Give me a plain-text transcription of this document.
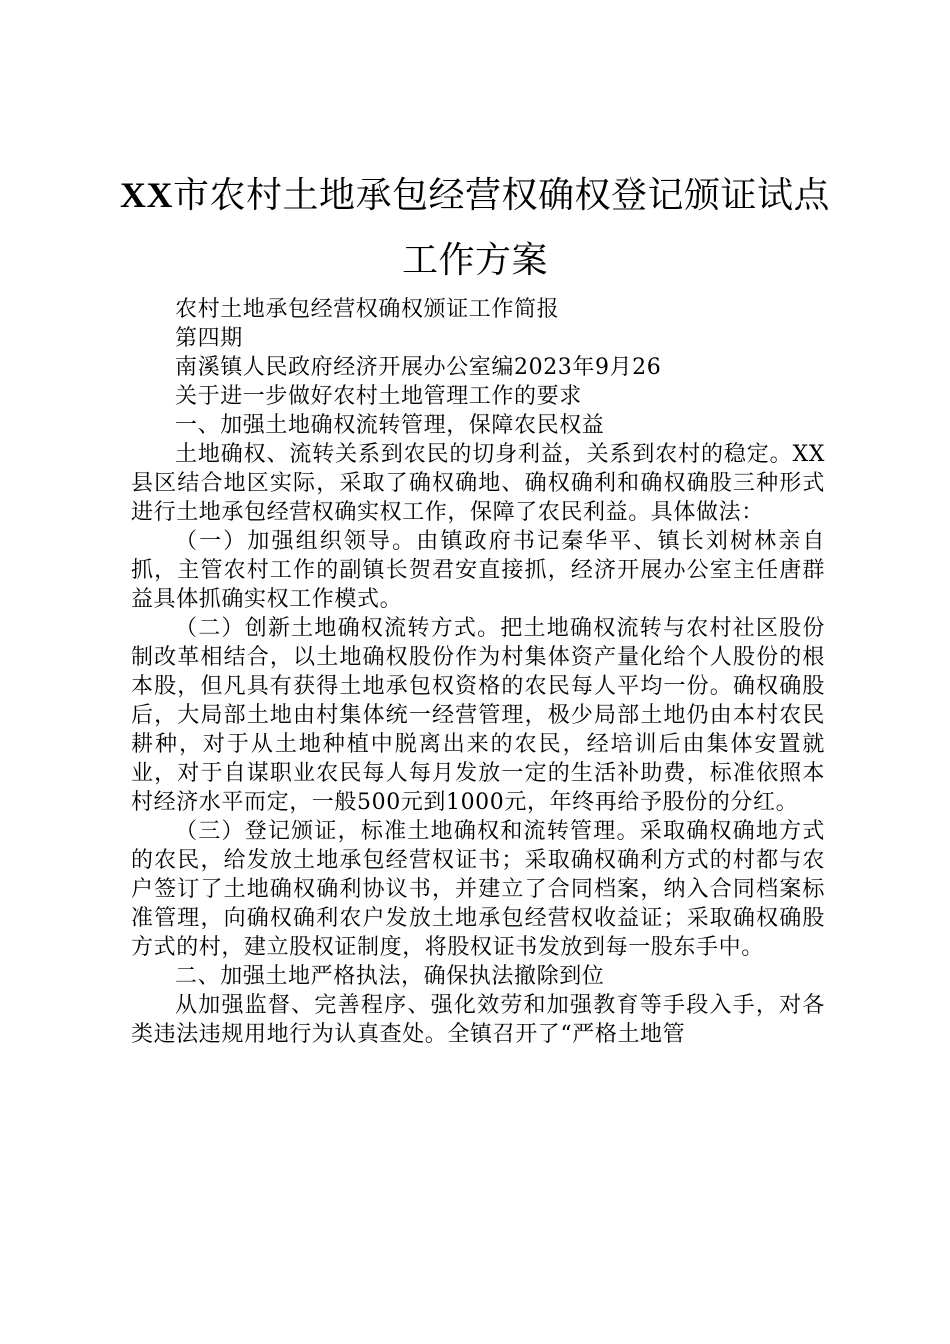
XX市农村土地承包经营权确权登记颁证试点
工作方案

农村土地承包经营权确权颁证工作简报

第四期

南溪镇人民政府经济开展办公室编2023年9月26

关于进一步做好农村土地管理工作的要求

一、加强土地确权流转管理，保障农民权益

土地确权、流转关系到农民的切身利益，关系到农村的稳定。XX县区结合地区实际，采取了确权确地、确权确利和确权确股三种形式进行土地承包经营权确实权工作，保障了农民利益。具体做法：

（一）加强组织领导。由镇政府书记秦华平、镇长刘树林亲自抓，主管农村工作的副镇长贺君安直接抓，经济开展办公室主任唐群益具体抓确实权工作模式。

（二）创新土地确权流转方式。把土地确权流转与农村社区股份制改革相结合，以土地确权股份作为村集体资产量化给个人股份的根本股，但凡具有获得土地承包权资格的农民每人平均一份。确权确股后，大局部土地由村集体统一经营管理，极少局部土地仍由本村农民耕种，对于从土地种植中脱离出来的农民，经培训后由集体安置就业，对于自谋职业农民每人每月发放一定的生活补助费，标准依照本村经济水平而定，一般500元到1000元，年终再给予股份的分红。

（三）登记颁证，标准土地确权和流转管理。采取确权确地方式的农民，给发放土地承包经营权证书；采取确权确利方式的村都与农户签订了土地确权确利协议书，并建立了合同档案，纳入合同档案标准管理，向确权确利农户发放土地承包经营权收益证；采取确权确股方式的村，建立股权证制度，将股权证书发放到每一股东手中。

二、加强土地严格执法，确保执法撤除到位

从加强监督、完善程序、强化效劳和加强教育等手段入手，对各类违法违规用地行为认真查处。全镇召开了“严格土地管
